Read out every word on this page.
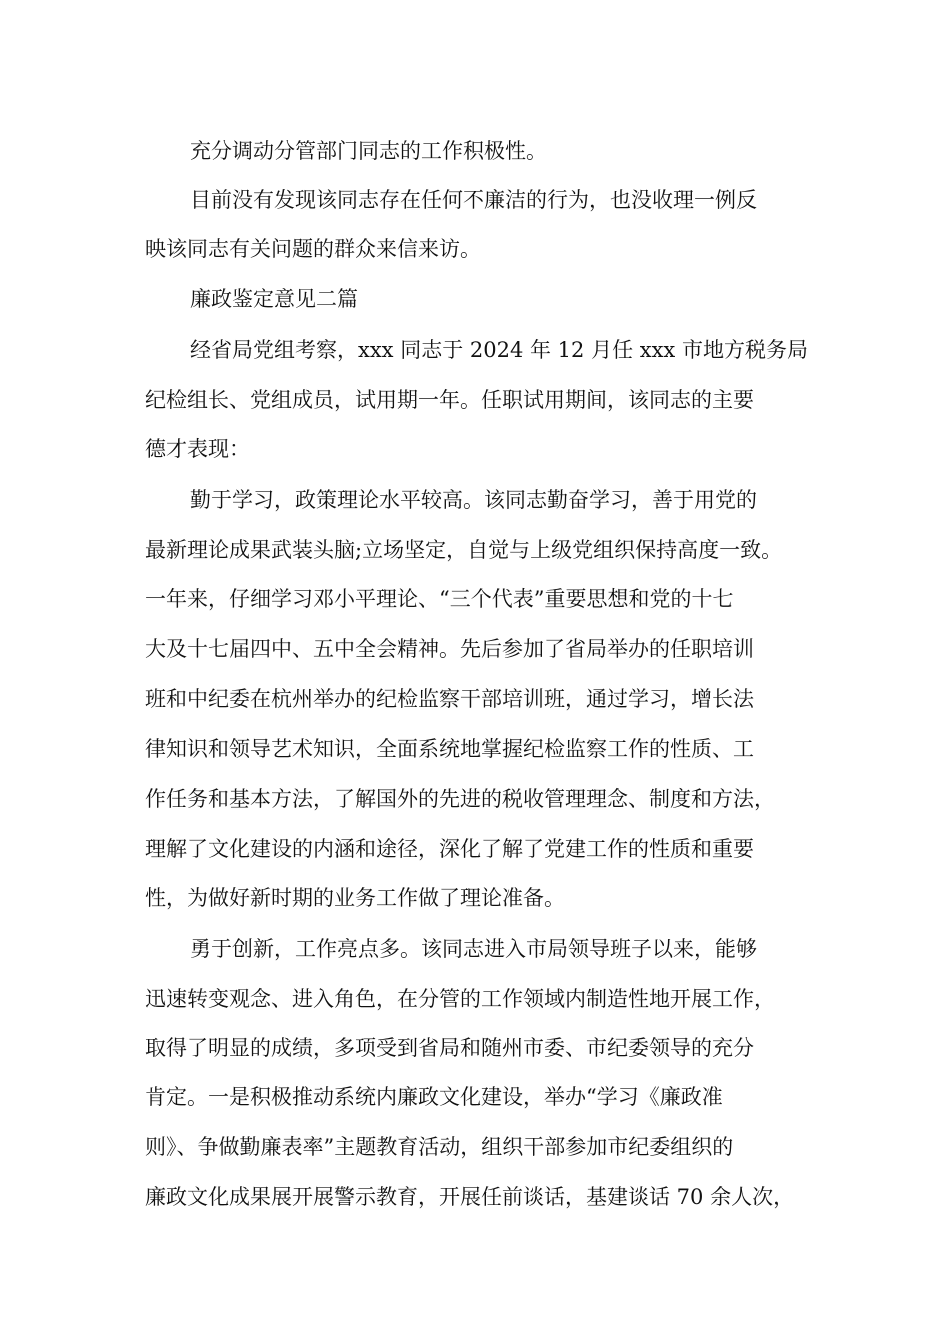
充分调动分管部门同志的工作积极性。

目前没有发现该同志存在任何不廉洁的行为，也没收理一例反

映该同志有关问题的群众来信来访。

廉政鉴定意见二篇

经省局党组考察，xxx 同志于 2024 年 12 月任 xxx 市地方税务局

纪检组长、党组成员，试用期一年。任职试用期间，该同志的主要

德才表现：

勤于学习，政策理论水平较高。该同志勤奋学习，善于用党的

最新理论成果武装头脑;立场坚定，自觉与上级党组织保持高度一致。

一年来，仔细学习邓小平理论、“三个代表”重要思想和党的十七

大及十七届四中、五中全会精神。先后参加了省局举办的任职培训

班和中纪委在杭州举办的纪检监察干部培训班，通过学习，增长法

律知识和领导艺术知识，全面系统地掌握纪检监察工作的性质、工

作任务和基本方法，了解国外的先进的税收管理理念、制度和方法，

理解了文化建设的内涵和途径，深化了解了党建工作的性质和重要

性，为做好新时期的业务工作做了理论准备。

勇于创新，工作亮点多。该同志进入市局领导班子以来，能够

迅速转变观念、进入角色，在分管的工作领域内制造性地开展工作，

取得了明显的成绩，多项受到省局和随州市委、市纪委领导的充分

肯定。一是积极推动系统内廉政文化建设，举办“学习《廉政准

则》、争做勤廉表率”主题教育活动，组织干部参加市纪委组织的

廉政文化成果展开展警示教育，开展任前谈话，基建谈话 70 余人次，
